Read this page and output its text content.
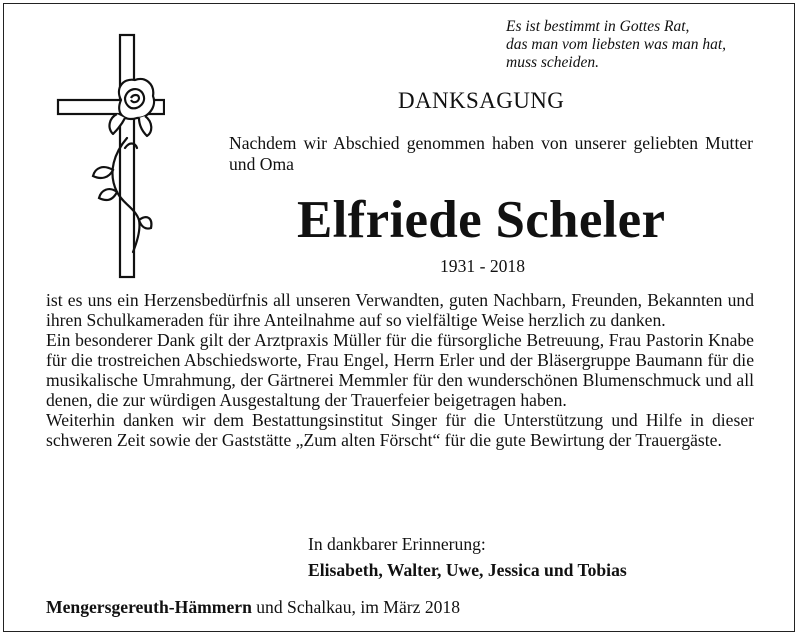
Es ist bestimmt in Gottes Rat,
das man vom liebsten was man hat,
muss scheiden.
DANKSAGUNG

Nachdem wir Abschied genommen haben von unserer geliebten Mutter und Oma

Elfriede Scheler

1931 - 2018

ist es uns ein Herzensbedürfnis all unseren Verwandten, guten Nachbarn, Freunden, Bekannten und ihren Schulkameraden für ihre Anteilnahme auf so vielfältige Weise herzlich zu danken.

Ein besonderer Dank gilt der Arztpraxis Müller für die fürsorgliche Betreuung, Frau Pastorin Knabe für die trostreichen Abschiedsworte, Frau Engel, Herrn Erler und der Bläsergruppe Baumann für die musikalische Umrahmung, der Gärtnerei Memmler für den wunderschönen Blumenschmuck und all denen, die zur würdigen Ausgestaltung der Trauerfeier beigetragen haben.

Weiterhin danken wir dem Bestattungsinstitut Singer für die Unterstützung und Hilfe in dieser schweren Zeit sowie der Gaststätte „Zum alten Förscht“ für die gute Bewirtung der Trauergäste.

In dankbarer Erinnerung:

Elisabeth, Walter, Uwe, Jessica und Tobias

Mengersgereuth-Hämmern und Schalkau, im März 2018
